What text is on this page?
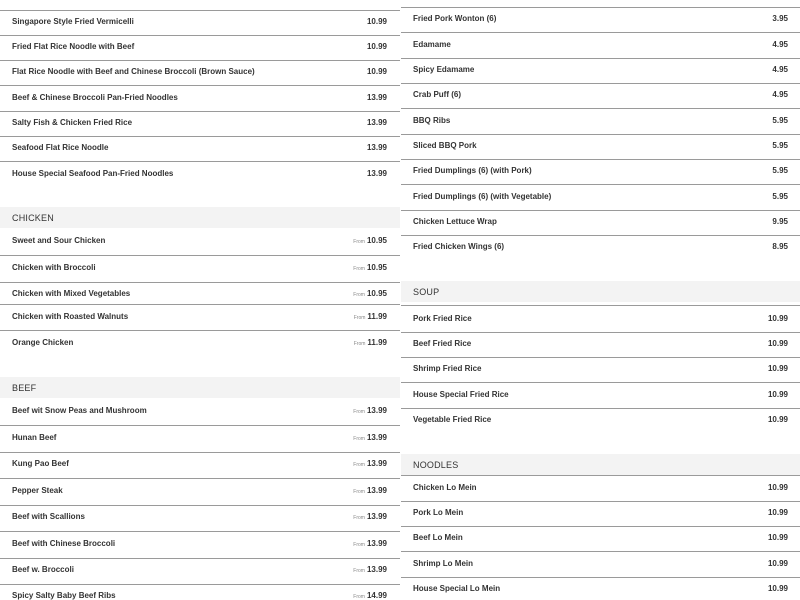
Singapore Style Fried Vermicelli	10.99
Fried Flat Rice Noodle with Beef	10.99
Flat Rice Noodle with Beef and Chinese Broccoli (Brown Sauce)	10.99
Beef & Chinese Broccoli Pan-Fried Noodles	13.99
Salty Fish & Chicken Fried Rice	13.99
Seafood Flat Rice Noodle	13.99
House Special Seafood Pan-Fried Noodles	13.99
CHICKEN
Sweet and Sour Chicken	From 10.95
Chicken with Broccoli	From 10.95
Chicken with Mixed Vegetables	From 10.95
Chicken with Roasted Walnuts	From 11.99
Orange Chicken	From 11.99
BEEF
Beef wit Snow Peas and Mushroom	From 13.99
Hunan Beef	From 13.99
Kung Pao Beef	From 13.99
Pepper Steak	From 13.99
Beef with Scallions	From 13.99
Beef with Chinese Broccoli	From 13.99
Beef w. Broccoli	From 13.99
Spicy Salty Baby Beef Ribs	From 14.99
Fried Pork Wonton (6)	3.95
Edamame	4.95
Spicy Edamame	4.95
Crab Puff (6)	4.95
BBQ Ribs	5.95
Sliced BBQ Pork	5.95
Fried Dumplings (6) (with Pork)	5.95
Fried Dumplings (6) (with Vegetable)	5.95
Chicken Lettuce Wrap	9.95
Fried Chicken Wings (6)	8.95
SOUP
Pork Fried Rice	10.99
Beef Fried Rice	10.99
Shrimp Fried Rice	10.99
House Special Fried Rice	10.99
Vegetable Fried Rice	10.99
NOODLES
Chicken Lo Mein	10.99
Pork Lo Mein	10.99
Beef Lo Mein	10.99
Shrimp Lo Mein	10.99
House Special Lo Mein	10.99
